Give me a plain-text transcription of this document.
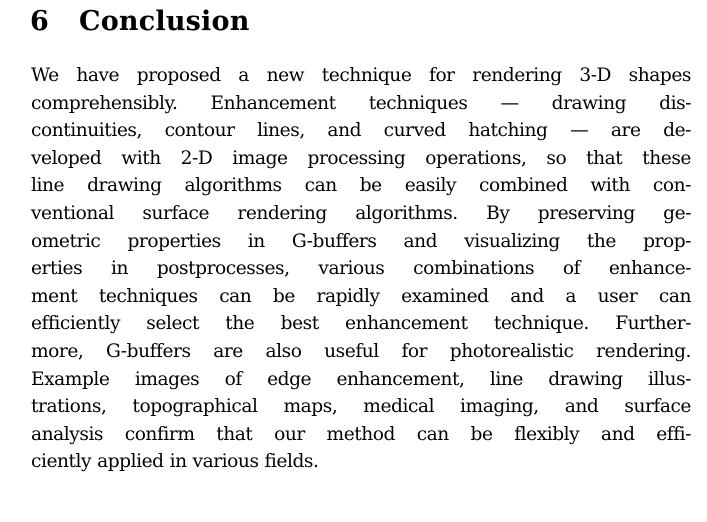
6 Conclusion
We have proposed a new technique for rendering 3-D shapes
comprehensibly. Enhancement techniques — drawing dis-
continuities, contour lines, and curved hatching — are de-
veloped with 2-D image processing operations, so that these
line drawing algorithms can be easily combined with con-
ventional surface rendering algorithms. By preserving ge-
ometric properties in G-buffers and visualizing the prop-
erties in postprocesses, various combinations of enhance-
ment techniques can be rapidly examined and a user can
efficiently select the best enhancement technique. Further-
more, G-buffers are also useful for photorealistic rendering.
Example images of edge enhancement, line drawing illus-
trations, topographical maps, medical imaging, and surface
analysis confirm that our method can be flexibly and effi-
ciently applied in various fields.
